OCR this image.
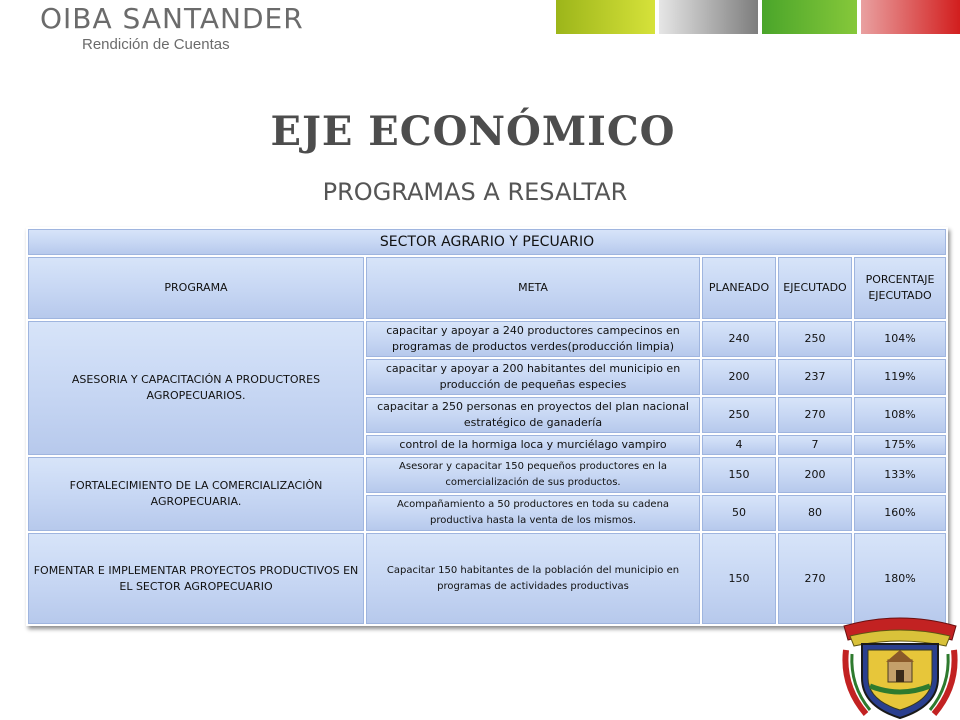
OIBA SANTANDER
Rendición de Cuentas
EJE ECONÓMICO
PROGRAMAS A RESALTAR
SECTOR AGRARIO Y PECUARIO				
PROGRAMA	META	PLANEADO	EJECUTADO	PORCENTAJE EJECUTADO
ASESORIA Y CAPACITACIÓN A PRODUCTORES AGROPECUARIOS.	capacitar y apoyar a 240 productores campecinos en programas de productos verdes(producción limpia)	240	250	104%
	capacitar y apoyar a 200 habitantes del municipio en producción de pequeñas especies	200	237	119%
	capacitar a 250 personas en proyectos del plan nacional estratégico de ganadería	250	270	108%
	control de la hormiga loca y murciélago vampiro	4	7	175%
FORTALECIMIENTO DE LA COMERCIALIZACIÒN AGROPECUARIA.	Asesorar y capacitar 150 pequeños productores en la comercialización de sus productos.	150	200	133%
	Acompañamiento a 50 productores en toda su cadena productiva hasta la venta de los mismos.	50	80	160%
FOMENTAR E IMPLEMENTAR PROYECTOS PRODUCTIVOS EN EL SECTOR AGROPECUARIO	Capacitar 150 habitantes de la población del municipio en programas de actividades productivas	150	270	180%
